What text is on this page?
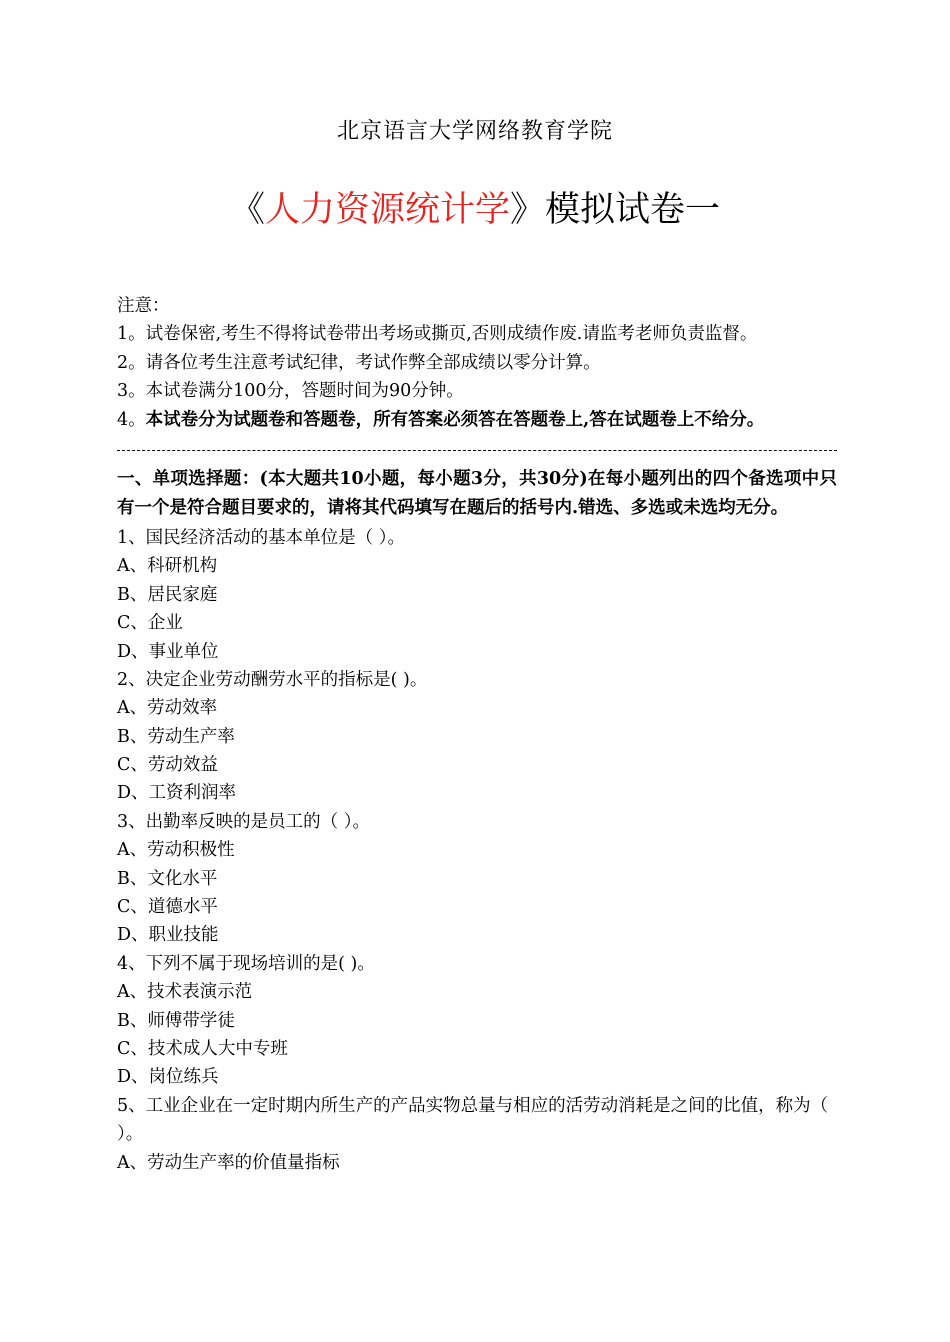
北京语言大学网络教育学院
《人力资源统计学》模拟试卷一
注意：
1。试卷保密,考生不得将试卷带出考场或撕页,否则成绩作废.请监考老师负责监督。
2。请各位考生注意考试纪律，考试作弊全部成绩以零分计算。
3。本试卷满分100分，答题时间为90分钟。
4。本试卷分为试题卷和答题卷，所有答案必须答在答题卷上,答在试题卷上不给分。
一、单项选择题：(本大题共10小题，每小题3分，共30分)在每小题列出的四个备选项中只有一个是符合题目要求的，请将其代码填写在题后的括号内.错选、多选或未选均无分。
1、国民经济活动的基本单位是（ ）。
A、科研机构
B、居民家庭
C、企业
D、事业单位
2、决定企业劳动酬劳水平的指标是( )。
A、劳动效率
B、劳动生产率
C、劳动效益
D、工资利润率
3、出勤率反映的是员工的（ ）。
A、劳动积极性
B、文化水平
C、道德水平
D、职业技能
4、下列不属于现场培训的是( )。
A、技术表演示范
B、师傅带学徒
C、技术成人大中专班
D、岗位练兵
5、工业企业在一定时期内所生产的产品实物总量与相应的活劳动消耗是之间的比值，称为（ ）。
A、劳动生产率的价值量指标
